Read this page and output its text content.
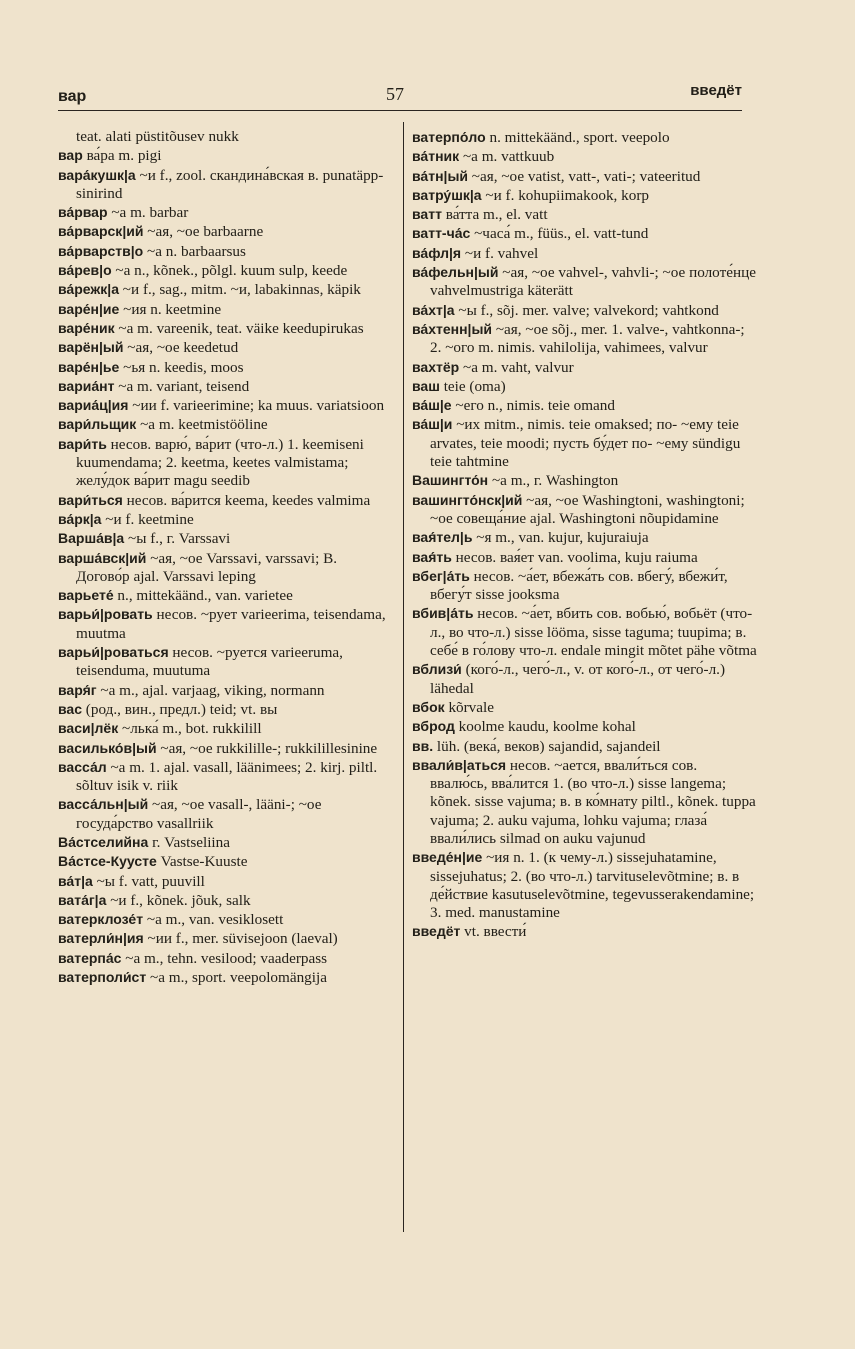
вар	57	введёт

teat. alati püstitõusev nukk

вар ва́ра m. pigi

вара́кушк|а ~и f., zool. скандина́вская в. punatäpp-sinirind

ва́рвар ~а m. barbar

ва́рварск|ий ~ая, ~ое barbaarne

ва́рварств|о ~а n. barbaarsus

ва́рев|о ~а n., kõnek., põlgl. kuum sulp, keede

ва́режк|а ~и f., sag., mitm. ~и, labakinnas, käpik

варе́н|ие ~ия n. keetmine

варе́ник ~а m. vareenik, teat. väike keedupirukas

варён|ый ~ая, ~ое keedetud

варе́н|ье ~ья n. keedis, moos

вариа́нт ~а m. variant, teisend

вариа́ц|ия ~ии f. varieerimine; ka muus. variatsioon

вари́льщик ~а m. keetmistööline

вари́ть несов. варю́, ва́рит (что-л.) 1. keemiseni kuumendama; 2. keetma, keetes valmistama; желу́док ва́рит magu seedib

вари́ться несов. ва́рится keema, keedes valmima

ва́рк|а ~и f. keetmine

Варша́в|а ~ы f., г. Varssavi

варша́вск|ий ~ая, ~ое Varssavi, varssavi; В. Догово́р ajal. Varssavi leping

варьете́ n., mittekäänd., van. varietee

варьи́|ровать несов. ~рует varieerima, teisendama, muutma

варьи́|роваться несов. ~руется varieeruma, teisenduma, muutuma

варя́г ~а m., ajal. varjaag, viking, normann

вас (род., вин., предл.) teid; vt. вы

васи|лёк ~лька́ m., bot. rukkilill

василько́в|ый ~ая, ~ое rukkilille-; rukkilillesinine

васса́л ~а m. 1. ajal. vasall, läänimees; 2. kirj. piltl. sõltuv isik v. riik

васса́льн|ый ~ая, ~ое vasall-, lääni-; ~ое госуда́рство vasallriik

Ва́стселийна г. Vastseliina

Ва́стсе-Куусте Vastse-Kuuste

ва́т|а ~ы f. vatt, puuvill

вата́г|а ~и f., kõnek. jõuk, salk

ватерклозе́т ~а m., van. vesiklosett

ватерли́н|ия ~ии f., mer. süvisejoon (laeval)

ватерпа́с ~а m., tehn. vesilood; vaaderpass

ватерполи́ст ~а m., sport. veepolomängija

ватерпо́ло n. mittekäänd., sport. veepolo

ва́тник ~а m. vattkuub

ва́тн|ый ~ая, ~ое vatist, vatt-, vati-; vateeritud

ватру́шк|а ~и f. kohupiimakook, korp

ватт ва́тта m., el. vatt

ватт-ча́с ~часа́ m., füüs., el. vatt-tund

ва́фл|я ~и f. vahvel

ва́фельн|ый ~ая, ~ое vahvel-, vahvli-; ~ое полоте́нце vahvelmustriga käterätt

ва́хт|а ~ы f., sõj. mer. valve; valvekord; vahtkond

ва́хтенн|ый ~ая, ~ое sõj., mer. 1. valve-, vahtkonna-; 2. ~ого m. nimis. vahilolija, vahimees, valvur

вахтёр ~а m. vaht, valvur

ваш teie (oma)

ва́ш|е ~его n., nimis. teie omand

ва́ш|и ~их mitm., nimis. teie omaksed; по- ~ему teie arvates, teie moodi; пусть бу́дет по- ~ему sündigu teie tahtmine

Вашингто́н ~а m., г. Washington

вашингто́нск|ий ~ая, ~ое Washingtoni, washingtoni; ~ое совеща́ние ajal. Washingtoni nõupidamine

вая́тел|ь ~я m., van. kujur, kujuraiuja

вая́ть несов. вая́ет van. voolima, kuju raiuma

вбег|а́ть несов. ~а́ет, вбежа́ть сов. вбегу́, вбежи́т, вбегу́т sisse jooksma

вбив|а́ть несов. ~а́ет, вбить сов. вобью́, вобьёт (что-л., во что-л.) sisse lööma, sisse taguma; tuupima; в. себе́ в го́лову что-л. endale mingit mõtet pähe võtma

вблизи́ (кого́-л., чего́-л., v. от кого́-л., от чего́-л.) lähedal

вбок kõrvale

вброд koolme kaudu, koolme kohal

вв. lüh. (века́, веков) sajandid, sajandeil

ввали́в|аться несов. ~ается, ввали́ться сов. ввалю́сь, вва́лится 1. (во что-л.) sisse langema; kõnek. sisse vajuma; в. в ко́мнату piltl., kõnek. tuppa vajuma; 2. auku vajuma, lohku vajuma; глаза́ ввали́лись silmad on auku vajunud

введе́н|ие ~ия n. 1. (к чему-л.) sissejuhatamine, sissejuhatus; 2. (во что-л.) tarvituselevõtmine; в. в де́йствие kasutuselevõtmine, tegevusserakendamine; 3. med. manustamine

введёт vt. ввести́
